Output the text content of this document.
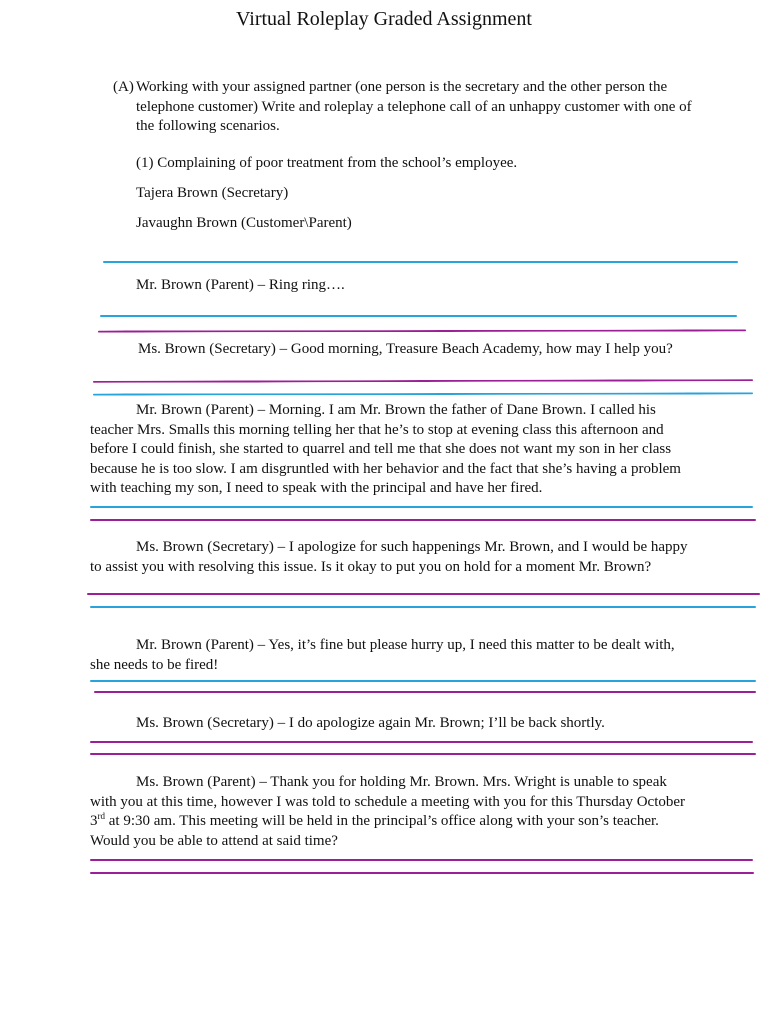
Virtual Roleplay Graded Assignment
(A) Working with your assigned partner (one person is the secretary and the other person the telephone customer) Write and roleplay a telephone call of an unhappy customer with one of the following scenarios.

(1) Complaining of poor treatment from the school’s employee.

Tajera Brown (Secretary)

Javaughn Brown (Customer\Parent)

Mr. Brown (Parent) – Ring ring….

Ms. Brown (Secretary) – Good morning, Treasure Beach Academy, how may I help you?

Mr. Brown (Parent) – Morning. I am Mr. Brown the father of Dane Brown. I called his teacher Mrs. Smalls this morning telling her that he’s to stop at evening class this afternoon and before I could finish, she started to quarrel and tell me that she does not want my son in her class because he is too slow. I am disgruntled with her behavior and the fact that she’s having a problem with teaching my son, I need to speak with the principal and have her fired.

Ms. Brown (Secretary) – I apologize for such happenings Mr. Brown, and I would be happy to assist you with resolving this issue. Is it okay to put you on hold for a moment Mr. Brown?

Mr. Brown (Parent) – Yes, it’s fine but please hurry up, I need this matter to be dealt with, she needs to be fired!

Ms. Brown (Secretary) – I do apologize again Mr. Brown; I’ll be back shortly.

Ms. Brown (Parent) – Thank you for holding Mr. Brown. Mrs. Wright is unable to speak with you at this time, however I was told to schedule a meeting with you for this Thursday October 3rd at 9:30 am. This meeting will be held in the principal’s office along with your son’s teacher. Would you be able to attend at said time?
